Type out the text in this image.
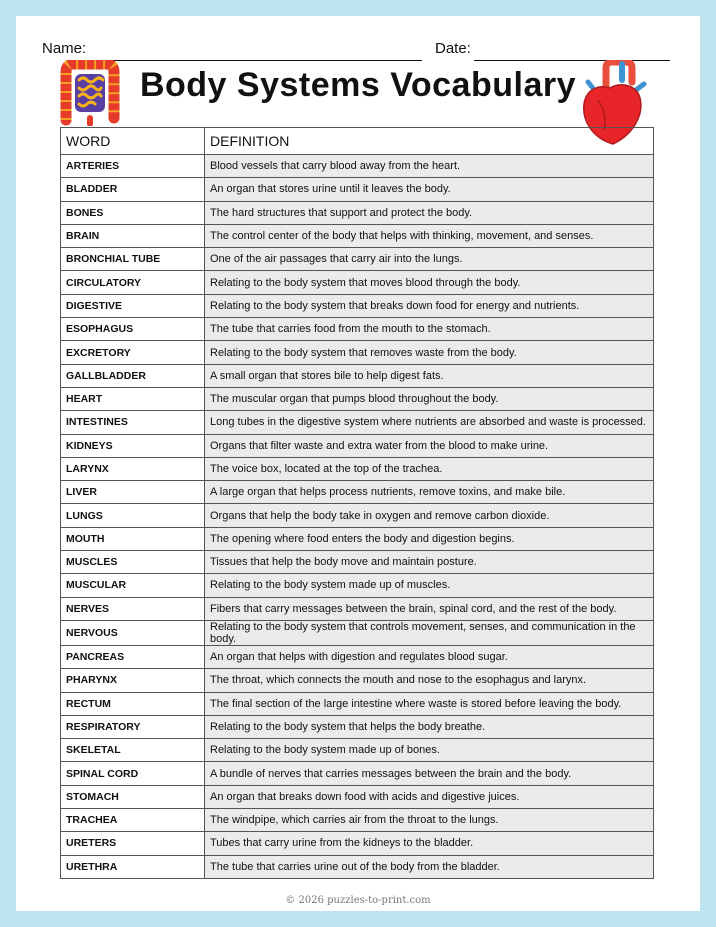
Name:	Date:
Body Systems Vocabulary
WORD	DEFINITION
ARTERIES	Blood vessels that carry blood away from the heart.
BLADDER	An organ that stores urine until it leaves the body.
BONES	The hard structures that support and protect the body.
BRAIN	The control center of the body that helps with thinking, movement, and senses.
BRONCHIAL TUBE	One of the air passages that carry air into the lungs.
CIRCULATORY	Relating to the body system that moves blood through the body.
DIGESTIVE	Relating to the body system that breaks down food for energy and nutrients.
ESOPHAGUS	The tube that carries food from the mouth to the stomach.
EXCRETORY	Relating to the body system that removes waste from the body.
GALLBLADDER	A small organ that stores bile to help digest fats.
HEART	The muscular organ that pumps blood throughout the body.
INTESTINES	Long tubes in the digestive system where nutrients are absorbed and waste is processed.
KIDNEYS	Organs that filter waste and extra water from the blood to make urine.
LARYNX	The voice box, located at the top of the trachea.
LIVER	A large organ that helps process nutrients, remove toxins, and make bile.
LUNGS	Organs that help the body take in oxygen and remove carbon dioxide.
MOUTH	The opening where food enters the body and digestion begins.
MUSCLES	Tissues that help the body move and maintain posture.
MUSCULAR	Relating to the body system made up of muscles.
NERVES	Fibers that carry messages between the brain, spinal cord, and the rest of the body.
NERVOUS	Relating to the body system that controls movement, senses, and communication in the body.
PANCREAS	An organ that helps with digestion and regulates blood sugar.
PHARYNX	The throat, which connects the mouth and nose to the esophagus and larynx.
RECTUM	The final section of the large intestine where waste is stored before leaving the body.
RESPIRATORY	Relating to the body system that helps the body breathe.
SKELETAL	Relating to the body system made up of bones.
SPINAL CORD	A bundle of nerves that carries messages between the brain and the body.
STOMACH	An organ that breaks down food with acids and digestive juices.
TRACHEA	The windpipe, which carries air from the throat to the lungs.
URETERS	Tubes that carry urine from the kidneys to the bladder.
URETHRA	The tube that carries urine out of the body from the bladder.
© 2026 puzzles-to-print.com
